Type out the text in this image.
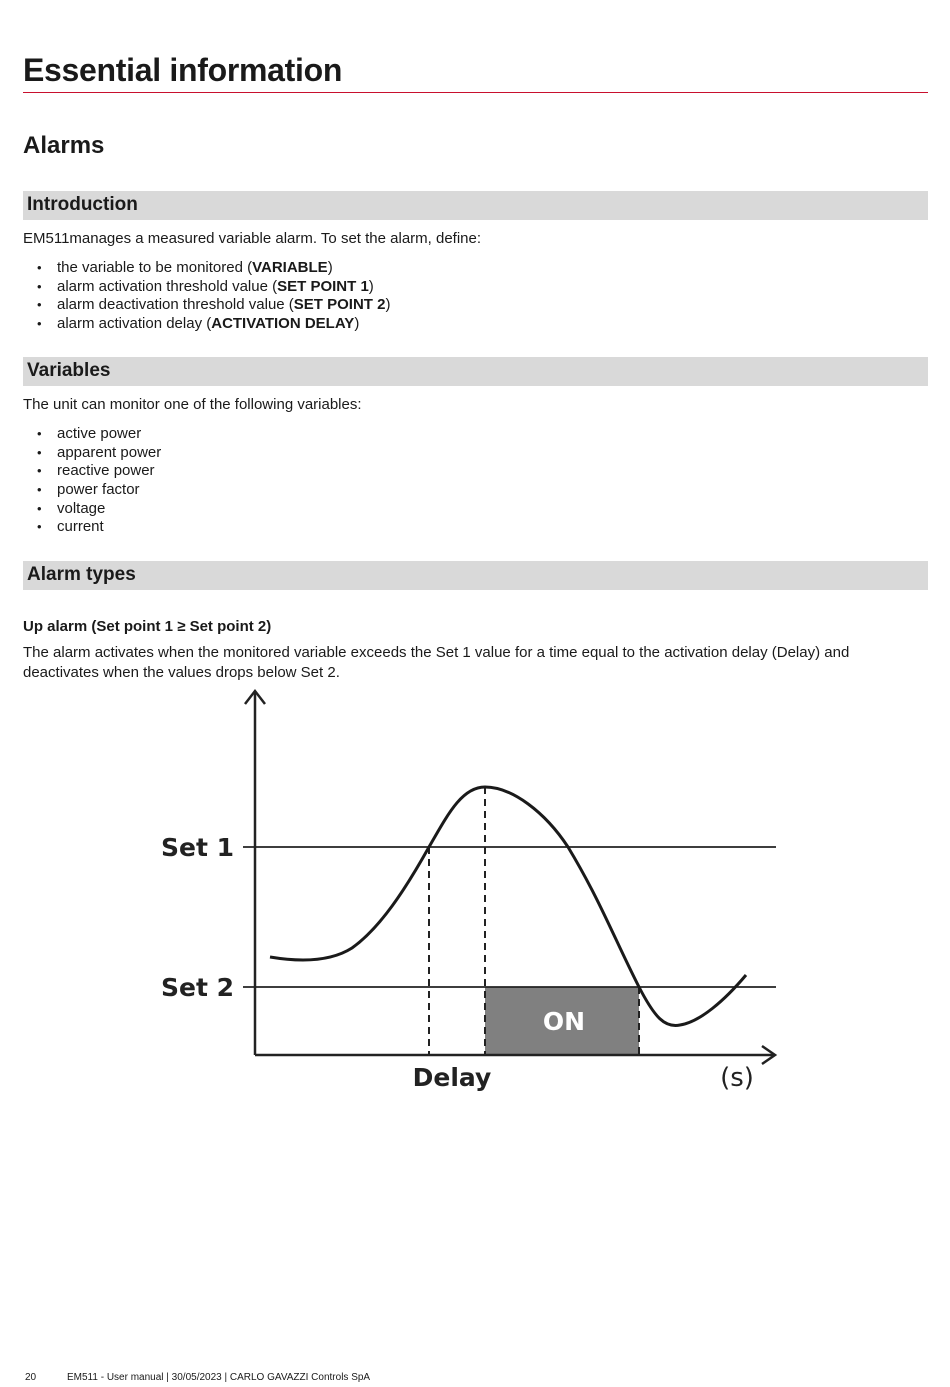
Essential information
Alarms
Introduction
EM511manages a measured variable alarm. To set the alarm, define:
• the variable to be monitored (VARIABLE)
• alarm activation threshold value (SET POINT 1)
• alarm deactivation threshold value (SET POINT 2)
• alarm activation delay (ACTIVATION DELAY)
Variables
The unit can monitor one of the following variables:
• active power
• apparent power
• reactive power
• power factor
• voltage
• current
Alarm types
Up alarm (Set point 1 ≥ Set point 2)
The alarm activates when the monitored variable exceeds the Set 1 value for a time equal to the activation delay (Delay) and deactivates when the values drops below Set 2.
ON
Set 1
Set 2
Delay	(s)
20	EM511 - User manual | 30/05/2023 | CARLO GAVAZZI Controls SpA
